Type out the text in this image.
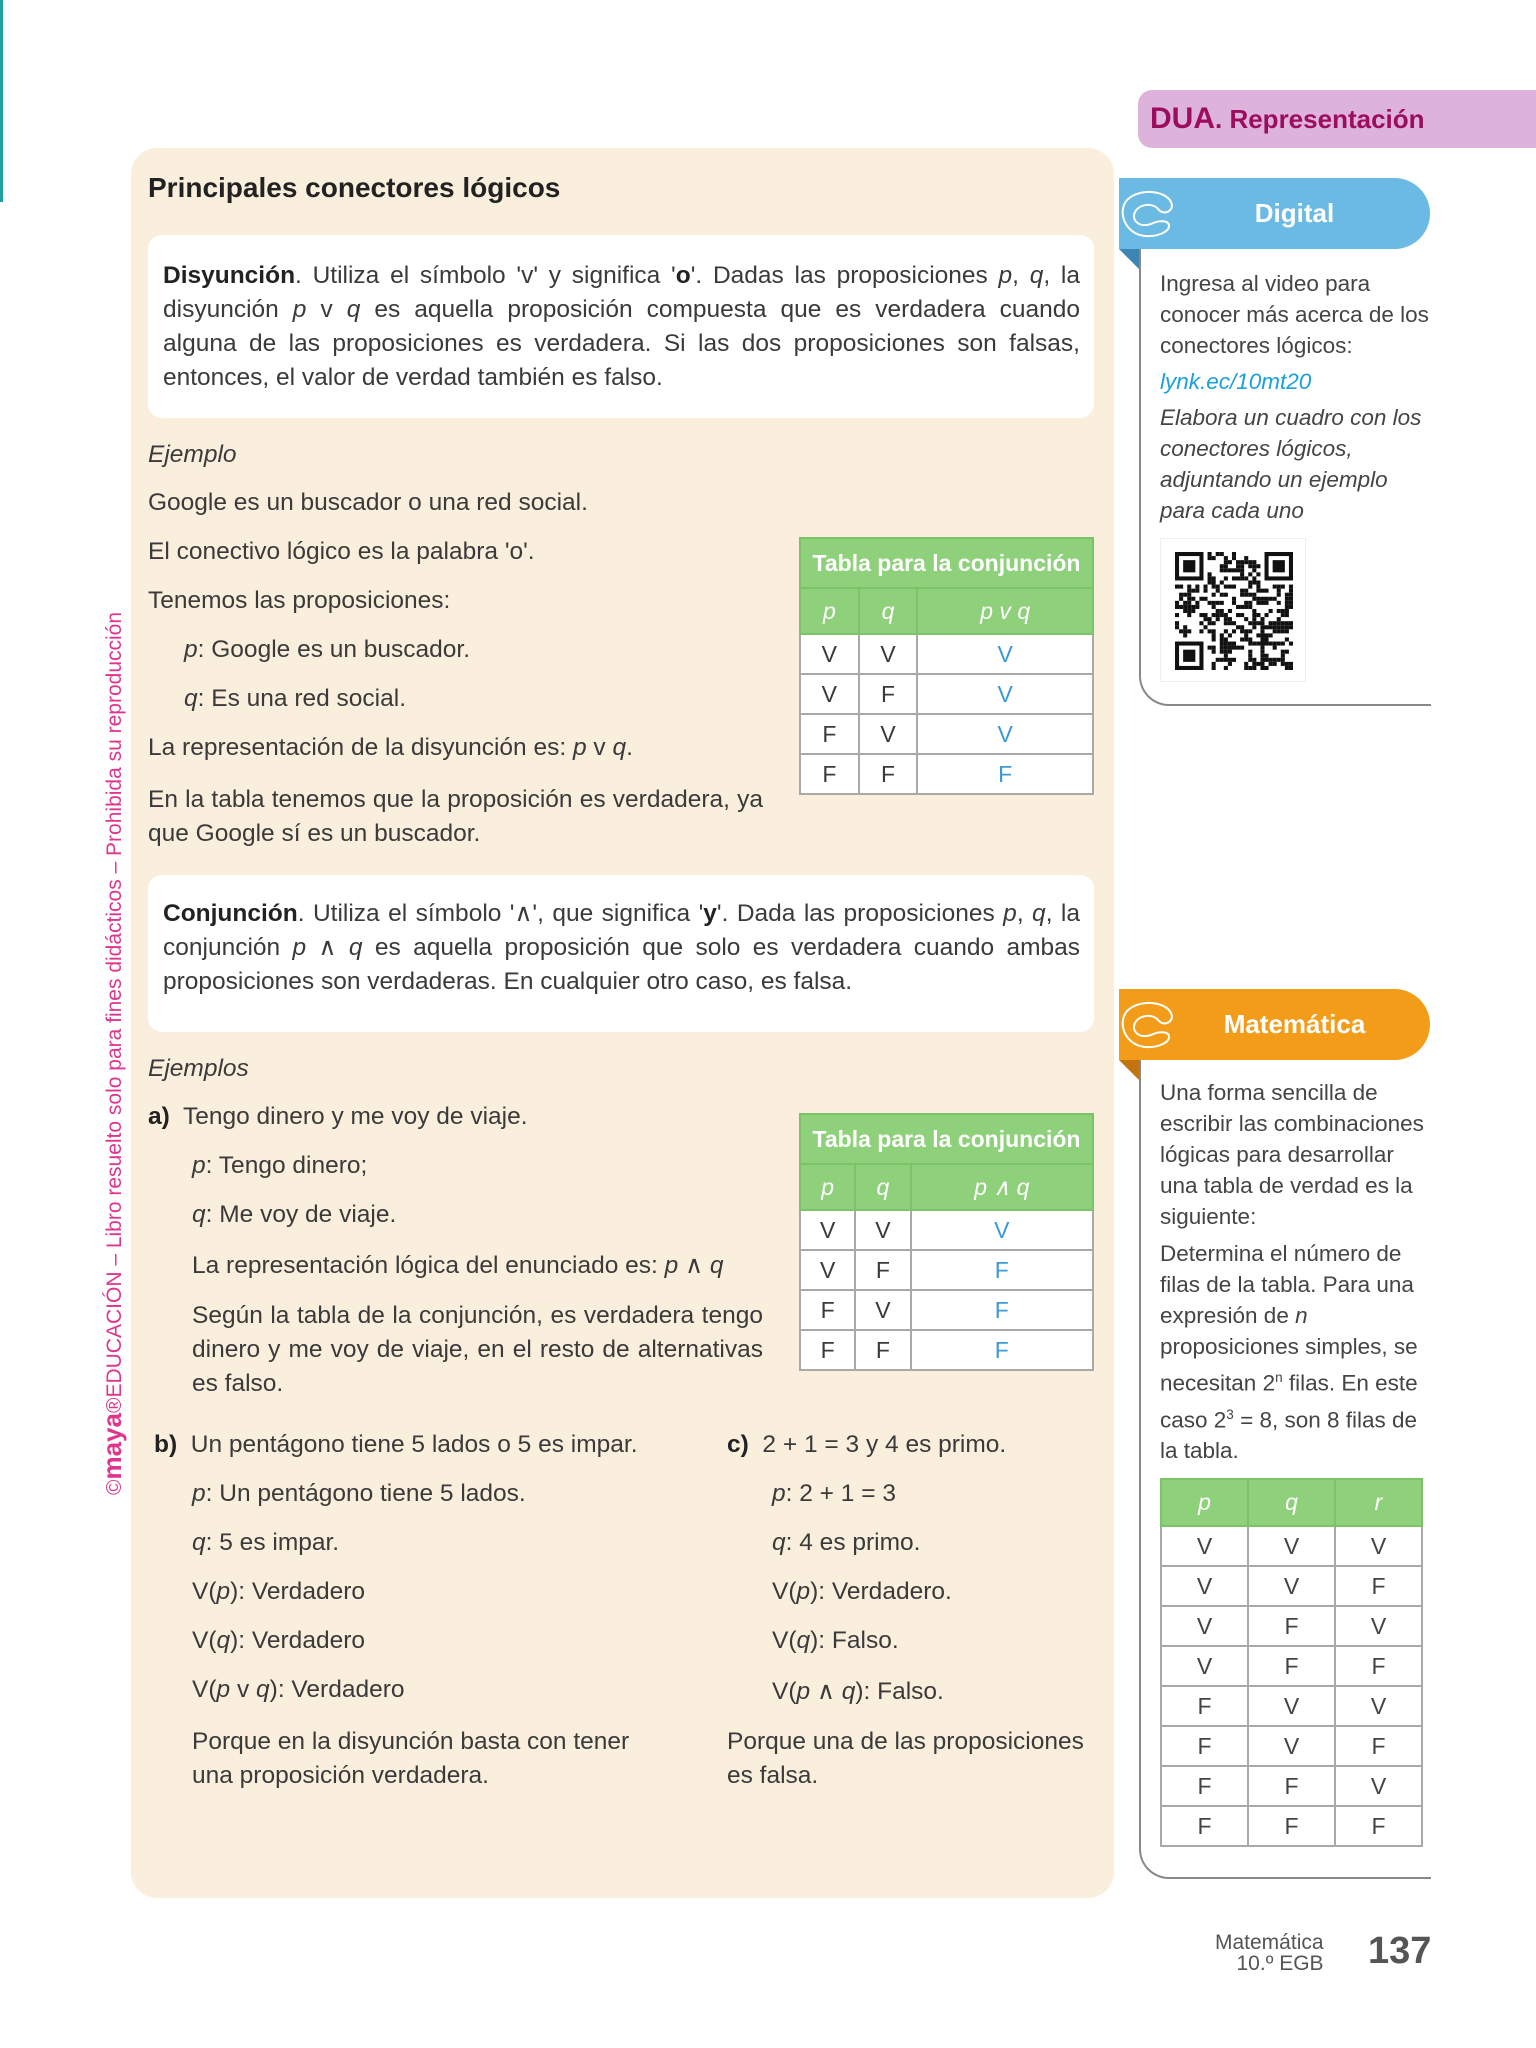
©maya®EDUCACIÓN – Libro resuelto solo para fines didácticos – Prohibida su reproducción
Principales conectores lógicos

Disyunción. Utiliza el símbolo 'v' y significa 'o'. Dadas las proposiciones p, q, la disyunción p v q es aquella proposición compuesta que es verdadera cuando alguna de las proposiciones es verdadera. Si las dos proposiciones son falsas, entonces, el valor de verdad también es falso.

Ejemplo
Google es un buscador o una red social.
El conectivo lógico es la palabra 'o'.
Tenemos las proposiciones:
p: Google es un buscador.
q: Es una red social.
La representación de la disyunción es: p v q.

En la tabla tenemos que la proposición es verdadera, ya que Google sí es un buscador.

Tabla para la conjunción		
p	q	p v q
V	V	V
V	F	V
F	V	V
F	F	F

Conjunción. Utiliza el símbolo '∧', que significa 'y'. Dada las proposiciones p, q, la conjunción p ∧ q es aquella proposición que solo es verdadera cuando ambas proposiciones son verdaderas. En cualquier otro caso, es falsa.

Ejemplos
a) Tengo dinero y me voy de viaje.
p: Tengo dinero;
q: Me voy de viaje.
La representación lógica del enunciado es: p ∧ q

Según la tabla de la conjunción, es verdadera tengo dinero y me voy de viaje, en el resto de alternativas es falso.

Tabla para la conjunción		
p	q	p ∧ q
V	V	V
V	F	F
F	V	F
F	F	F
b) Un pentágono tiene 5 lados o 5 es impar.
p: Un pentágono tiene 5 lados.
q: 5 es impar.
V(p): Verdadero
V(q): Verdadero
V(p v q): Verdadero

Porque en la disyunción basta con tener una proposición verdadera.

c) 2 + 1 = 3 y 4 es primo.
p: 2 + 1 = 3
q: 4 es primo.
V(p): Verdadero.
V(q): Falso.
V(p ∧ q): Falso.

Porque una de las proposiciones es falsa.

DUA. Representación
Digital

Ingresa al video para conocer más acerca de los conectores lógicos:

lynk.ec/10mt20

Elabora un cuadro con los conectores lógicos, adjuntando un ejemplo para cada uno

Matemática

Una forma sencilla de escribir las combinaciones lógicas para desarrollar una tabla de verdad es la siguiente:

Determina el número de filas de la tabla. Para una expresión de n proposiciones simples, se necesitan 2$^n$ filas. En este caso $2^3 = 8$, son 8 filas de la tabla.

p	q	r
V	V	V
V	V	F
V	F	V
V	F	F
F	V	V
F	V	F
F	F	V
F	F	F
Matemática
10.º EGB 137
